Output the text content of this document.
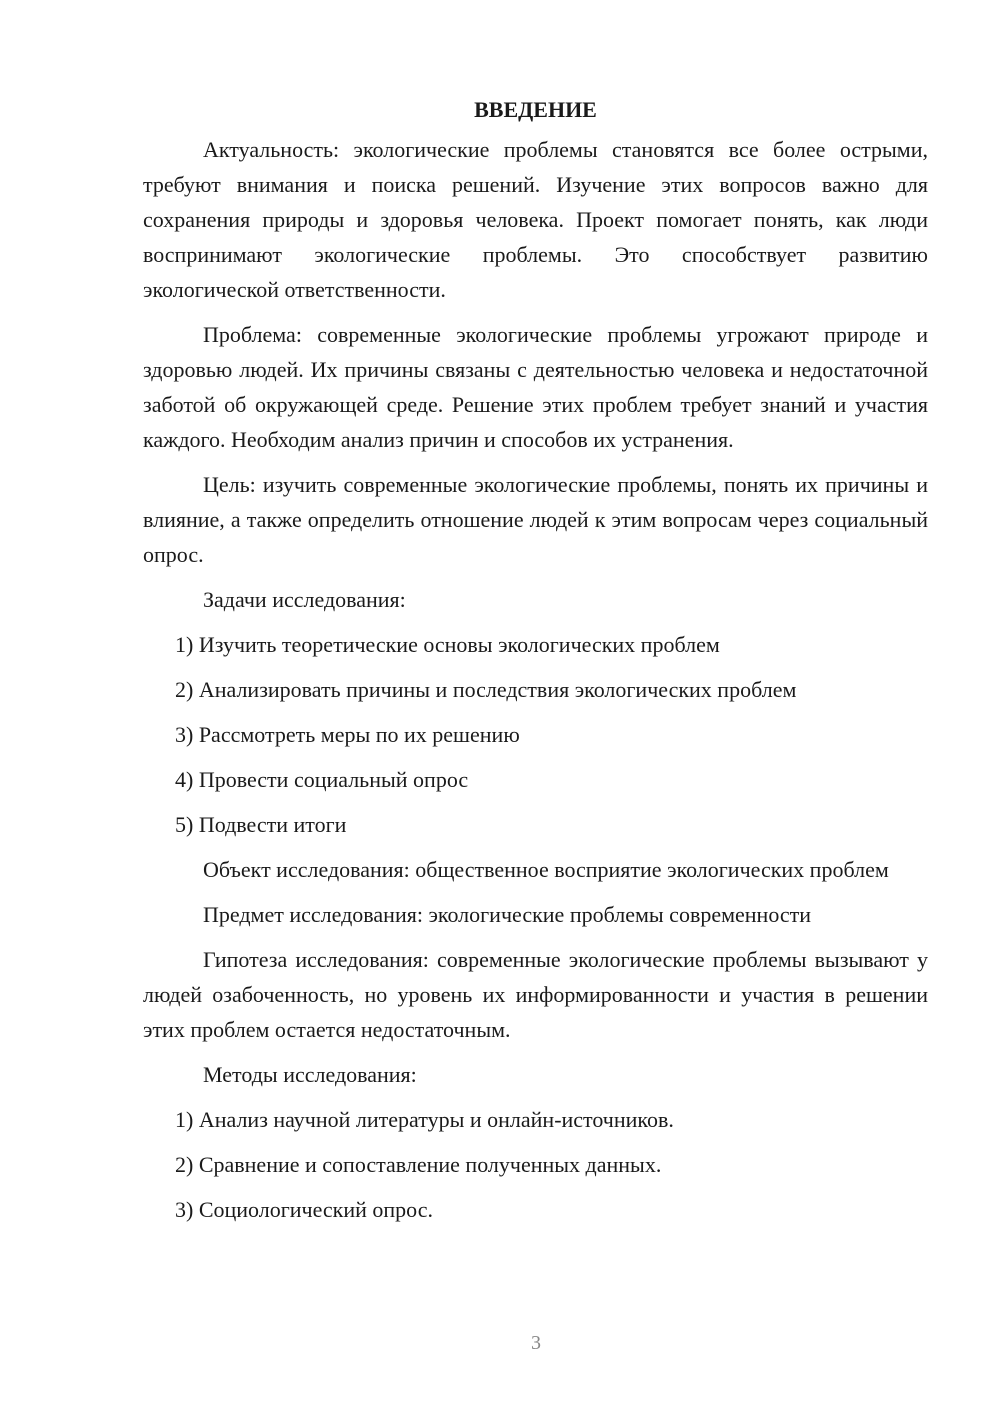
ВВЕДЕНИЕ

Актуальность: экологические проблемы становятся все более острыми, требуют внимания и поиска решений. Изучение этих вопросов важно для сохранения природы и здоровья человека. Проект помогает понять, как люди воспринимают экологические проблемы. Это способствует развитию экологической ответственности.

Проблема: современные экологические проблемы угрожают природе и здоровью людей. Их причины связаны с деятельностью человека и недостаточной заботой об окружающей среде. Решение этих проблем требует знаний и участия каждого. Необходим анализ причин и способов их устранения.

Цель: изучить современные экологические проблемы, понять их причины и влияние, а также определить отношение людей к этим вопросам через социальный опрос.

Задачи исследования:

1) Изучить теоретические основы экологических проблем

2) Анализировать причины и последствия экологических проблем

3) Рассмотреть меры по их решению

4) Провести социальный опрос

5) Подвести итоги

Объект исследования: общественное восприятие экологических проблем

Предмет исследования: экологические проблемы современности

Гипотеза исследования: современные экологические проблемы вызывают у людей озабоченность, но уровень их информированности и участия в решении этих проблем остается недостаточным.

Методы исследования:

1) Анализ научной литературы и онлайн-источников.

2) Сравнение и сопоставление полученных данных.

3) Социологический опрос.

3
